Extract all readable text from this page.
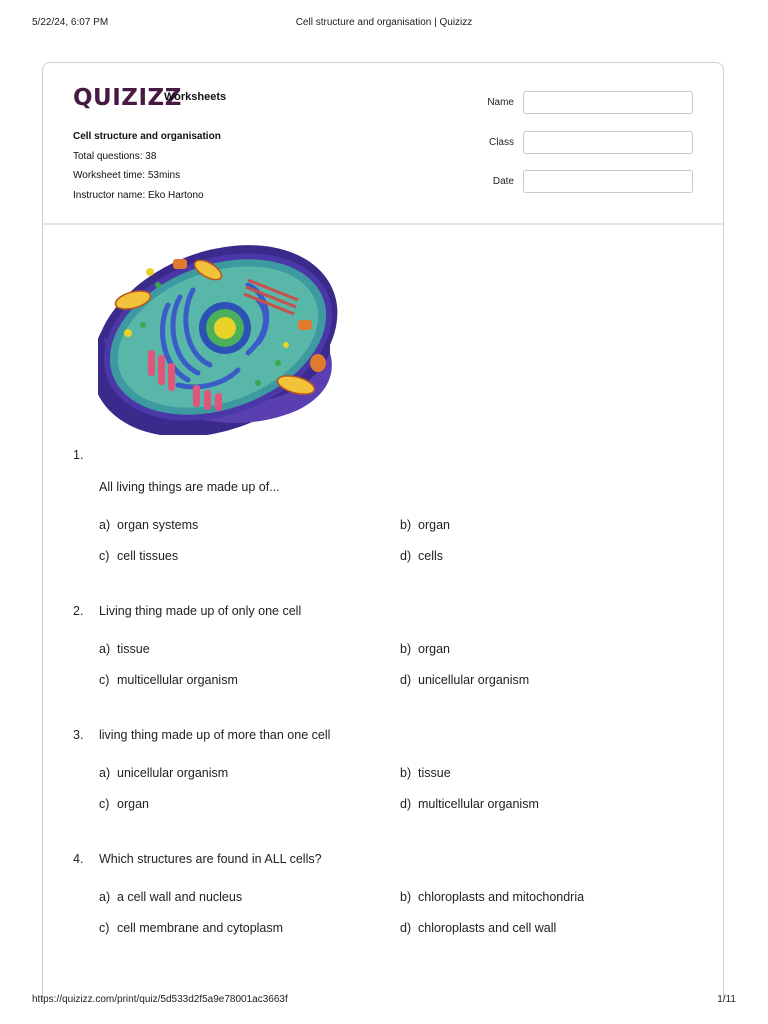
5/22/24, 6:07 PM	Cell structure and organisation | Quizizz
QUIZIZZ
Worksheets
Cell structure and organisation
Total questions: 38
Worksheet time: 53mins
Instructor name: Eko Hartono
Name
Class
Date
1.
All living things are made up of...
a) organ systems	b) organ
c) cell tissues	d) cells
2. Living thing made up of only one cell
a) tissue	b) organ
c) multicellular organism	d) unicellular organism
3. living thing made up of more than one cell
a) unicellular organism	b) tissue
c) organ	d) multicellular organism
4. Which structures are found in ALL cells?
a) a cell wall and nucleus	b) chloroplasts and mitochondria
c) cell membrane and cytoplasm	d) chloroplasts and cell wall
https://quizizz.com/print/quiz/5d533d2f5a9e78001ac3663f	1/11
